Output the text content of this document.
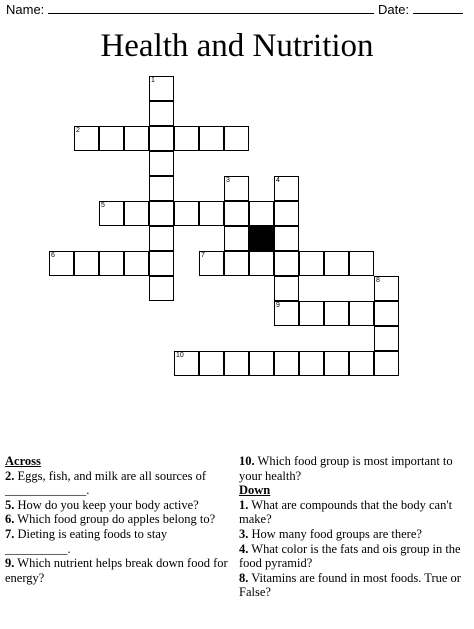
Name:	Date:
Health and Nutrition
1
2
3	4
5
6	7
8
9
10
Across

2. Eggs, fish, and milk are all sources of _____________.

5. How do you keep your body active?

6. Which food group do apples belong to?

7. Dieting is eating foods to stay __________.

9. Which nutrient helps break down food for energy?

10. Which food group is most important to your health?

Down

1. What are compounds that the body can't make?

3. How many food groups are there?

4. What color is the fats and ois group in the food pyramid?

8. Vitamins are found in most foods. True or False?
